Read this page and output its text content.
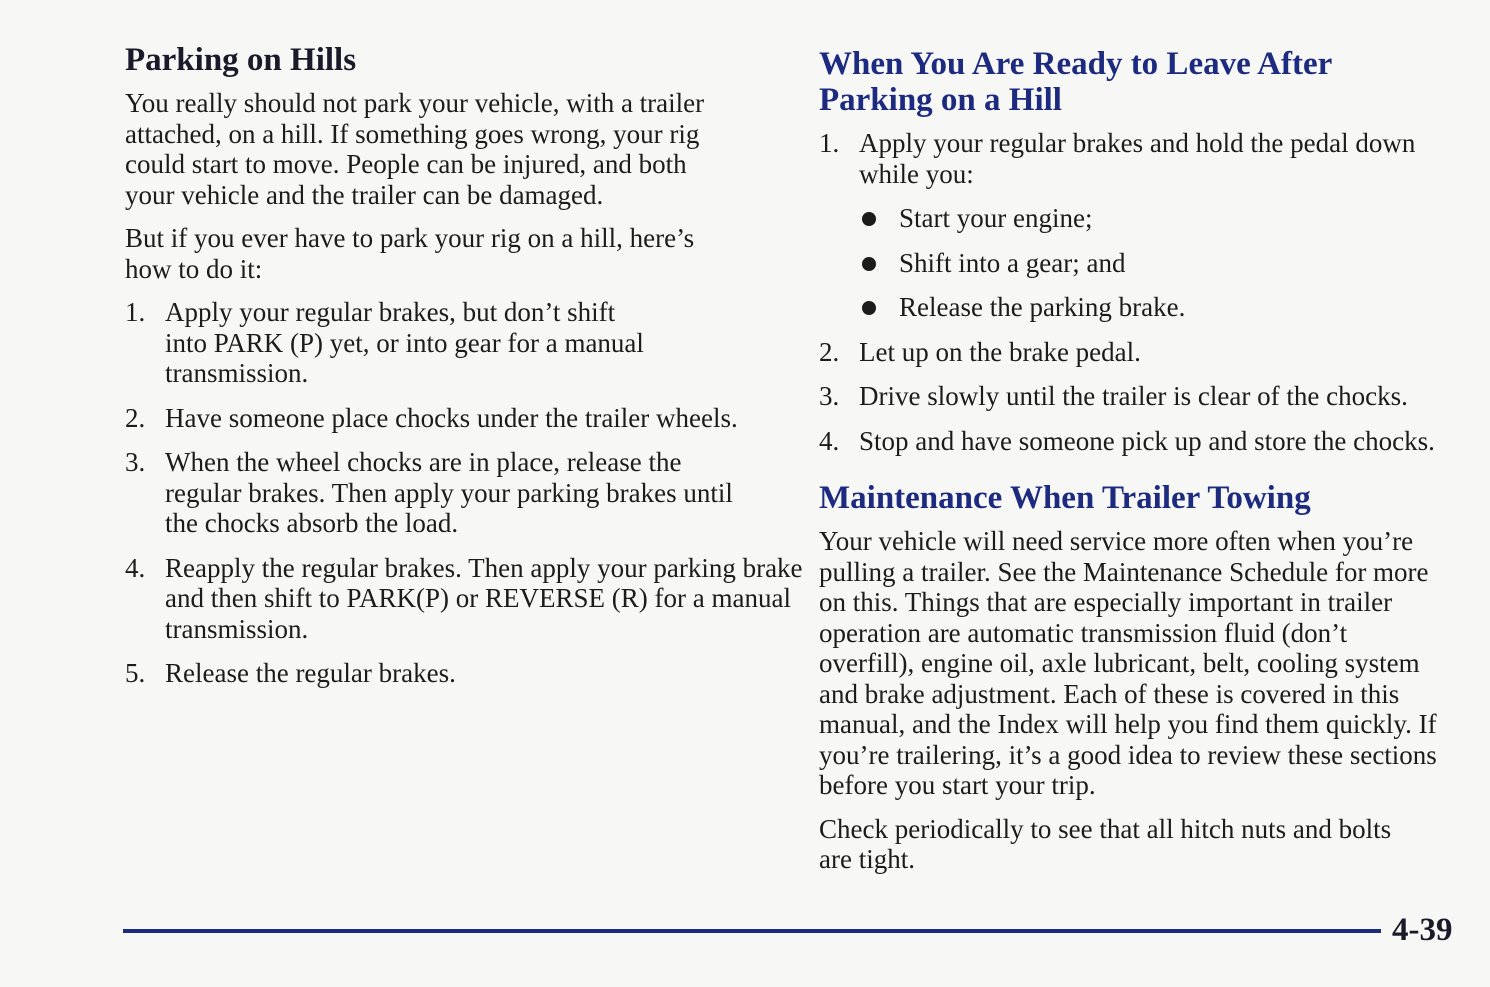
Parking on Hills

You really should not park your vehicle, with a trailer attached, on a hill. If something goes wrong, your rig could start to move. People can be injured, and both your vehicle and the trailer can be damaged.

But if you ever have to park your rig on a hill, here’s how to do it:

1. Apply your regular brakes, but don’t shift into PARK (P) yet, or into gear for a manual transmission.
2. Have someone place chocks under the trailer wheels.
3. When the wheel chocks are in place, release the regular brakes. Then apply your parking brakes until the chocks absorb the load.
4. Reapply the regular brakes. Then apply your parking brake and then shift to PARK(P) or REVERSE (R) for a manual transmission.
5. Release the regular brakes.
When You Are Ready to Leave After Parking on a Hill
1. Apply your regular brakes and hold the pedal down while you:
Start your engine;
Shift into a gear; and
Release the parking brake.
2. Let up on the brake pedal.
3. Drive slowly until the trailer is clear of the chocks.
4. Stop and have someone pick up and store the chocks.
Maintenance When Trailer Towing

Your vehicle will need service more often when you’re pulling a trailer. See the Maintenance Schedule for more on this. Things that are especially important in trailer operation are automatic transmission fluid (don’t overfill), engine oil, axle lubricant, belt, cooling system and brake adjustment. Each of these is covered in this manual, and the Index will help you find them quickly. If you’re trailering, it’s a good idea to review these sections before you start your trip.

Check periodically to see that all hitch nuts and bolts are tight.

4-39
